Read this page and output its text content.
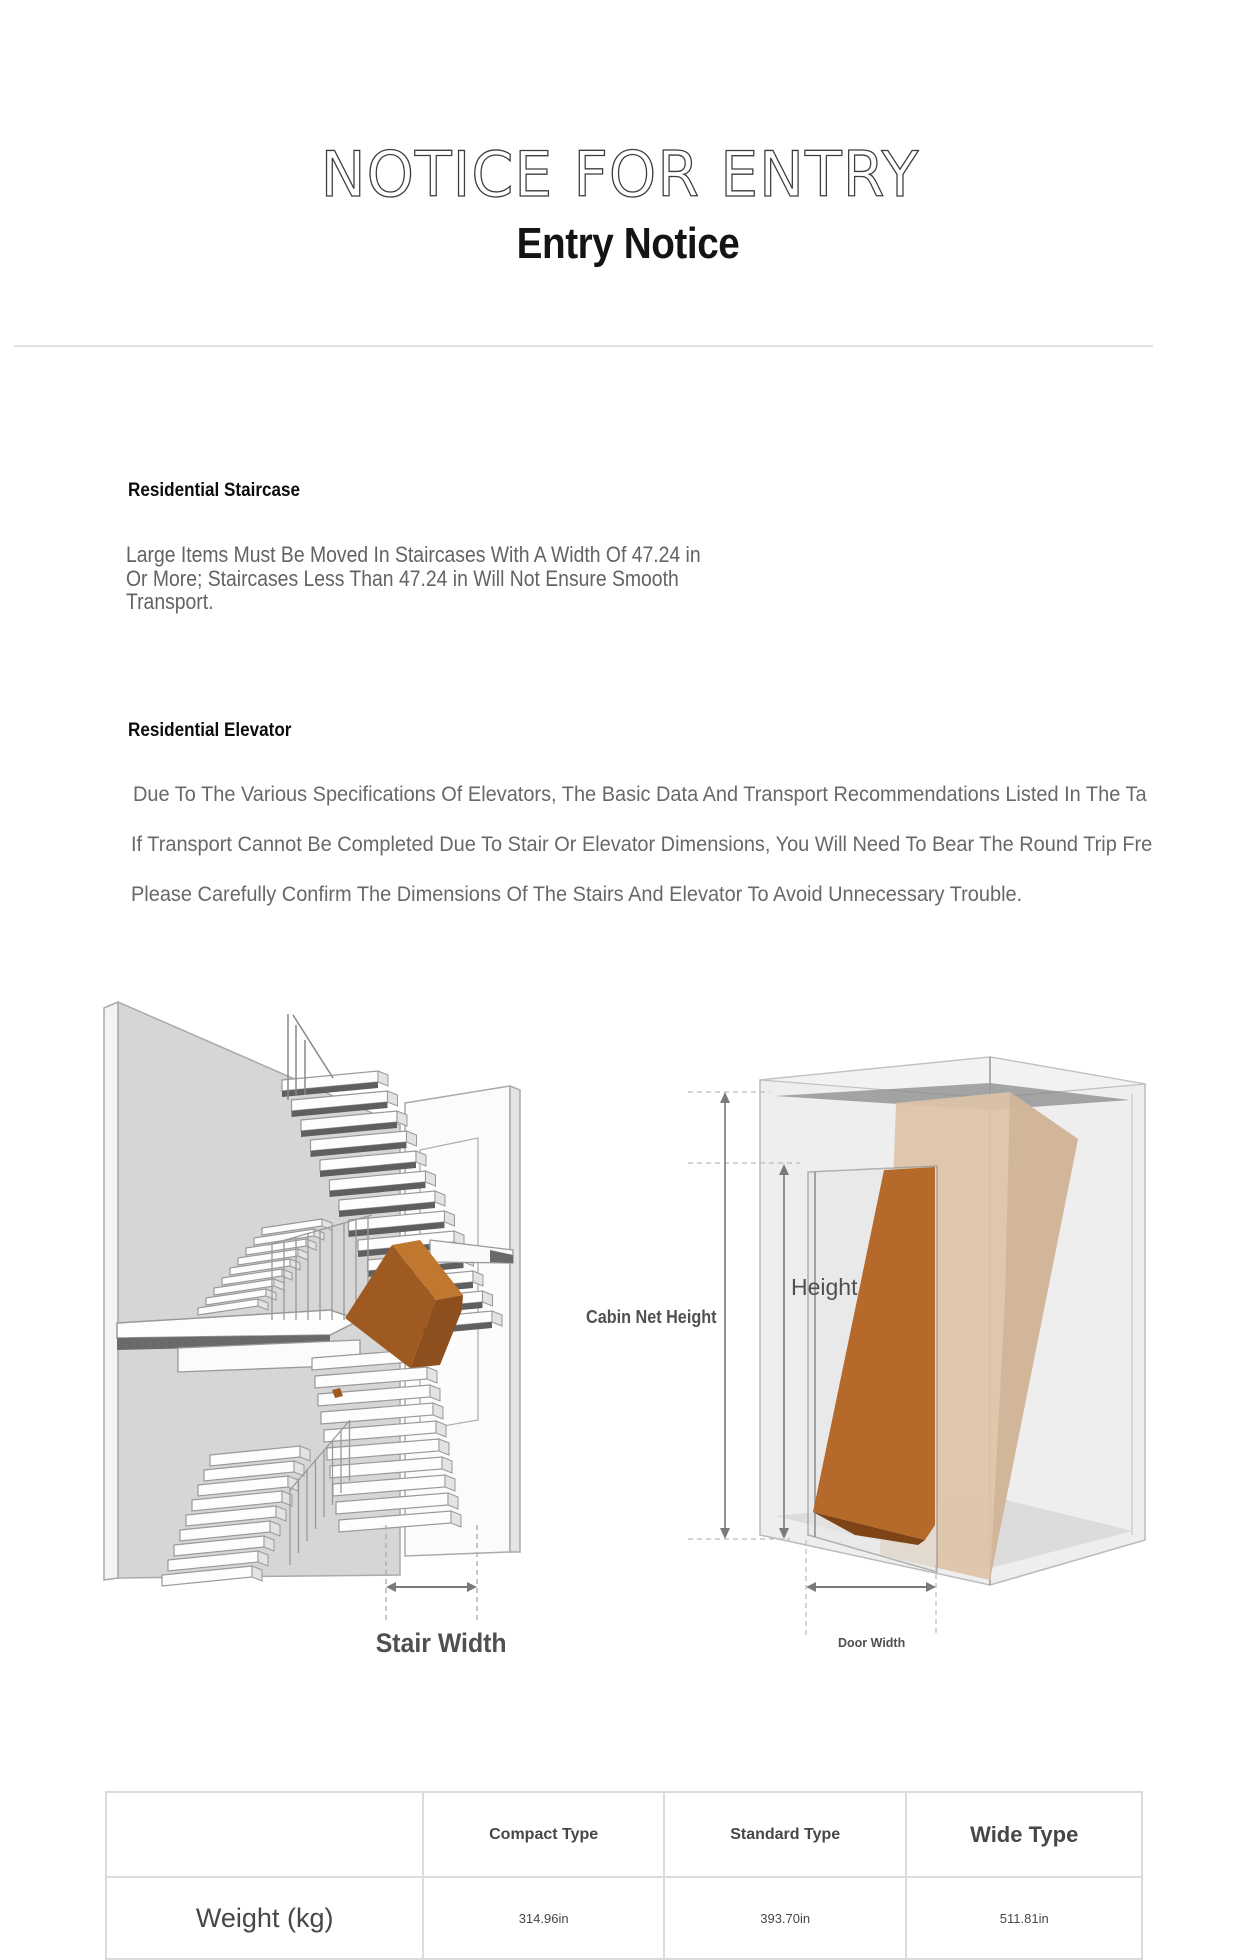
NOTICE FOR ENTRY
Entry Notice
Residential Staircase
Large Items Must Be Moved In Staircases With A Width Of 47.24 in Or More; Staircases Less Than 47.24 in Will Not Ensure Smooth Transport.
Residential Elevator
Due To The Various Specifications Of Elevators, The Basic Data And Transport Recommendations Listed In The Ta
If Transport Cannot Be Completed Due To Stair Or Elevator Dimensions, You Will Need To Bear The Round Trip Fre
Please Carefully Confirm The Dimensions Of The Stairs And Elevator To Avoid Unnecessary Trouble.
Stair Width
Cabin Net Height
Height
Door Width
	Compact Type	Standard Type	Wide Type
Weight (kg)	314.96in	393.70in	511.81in
